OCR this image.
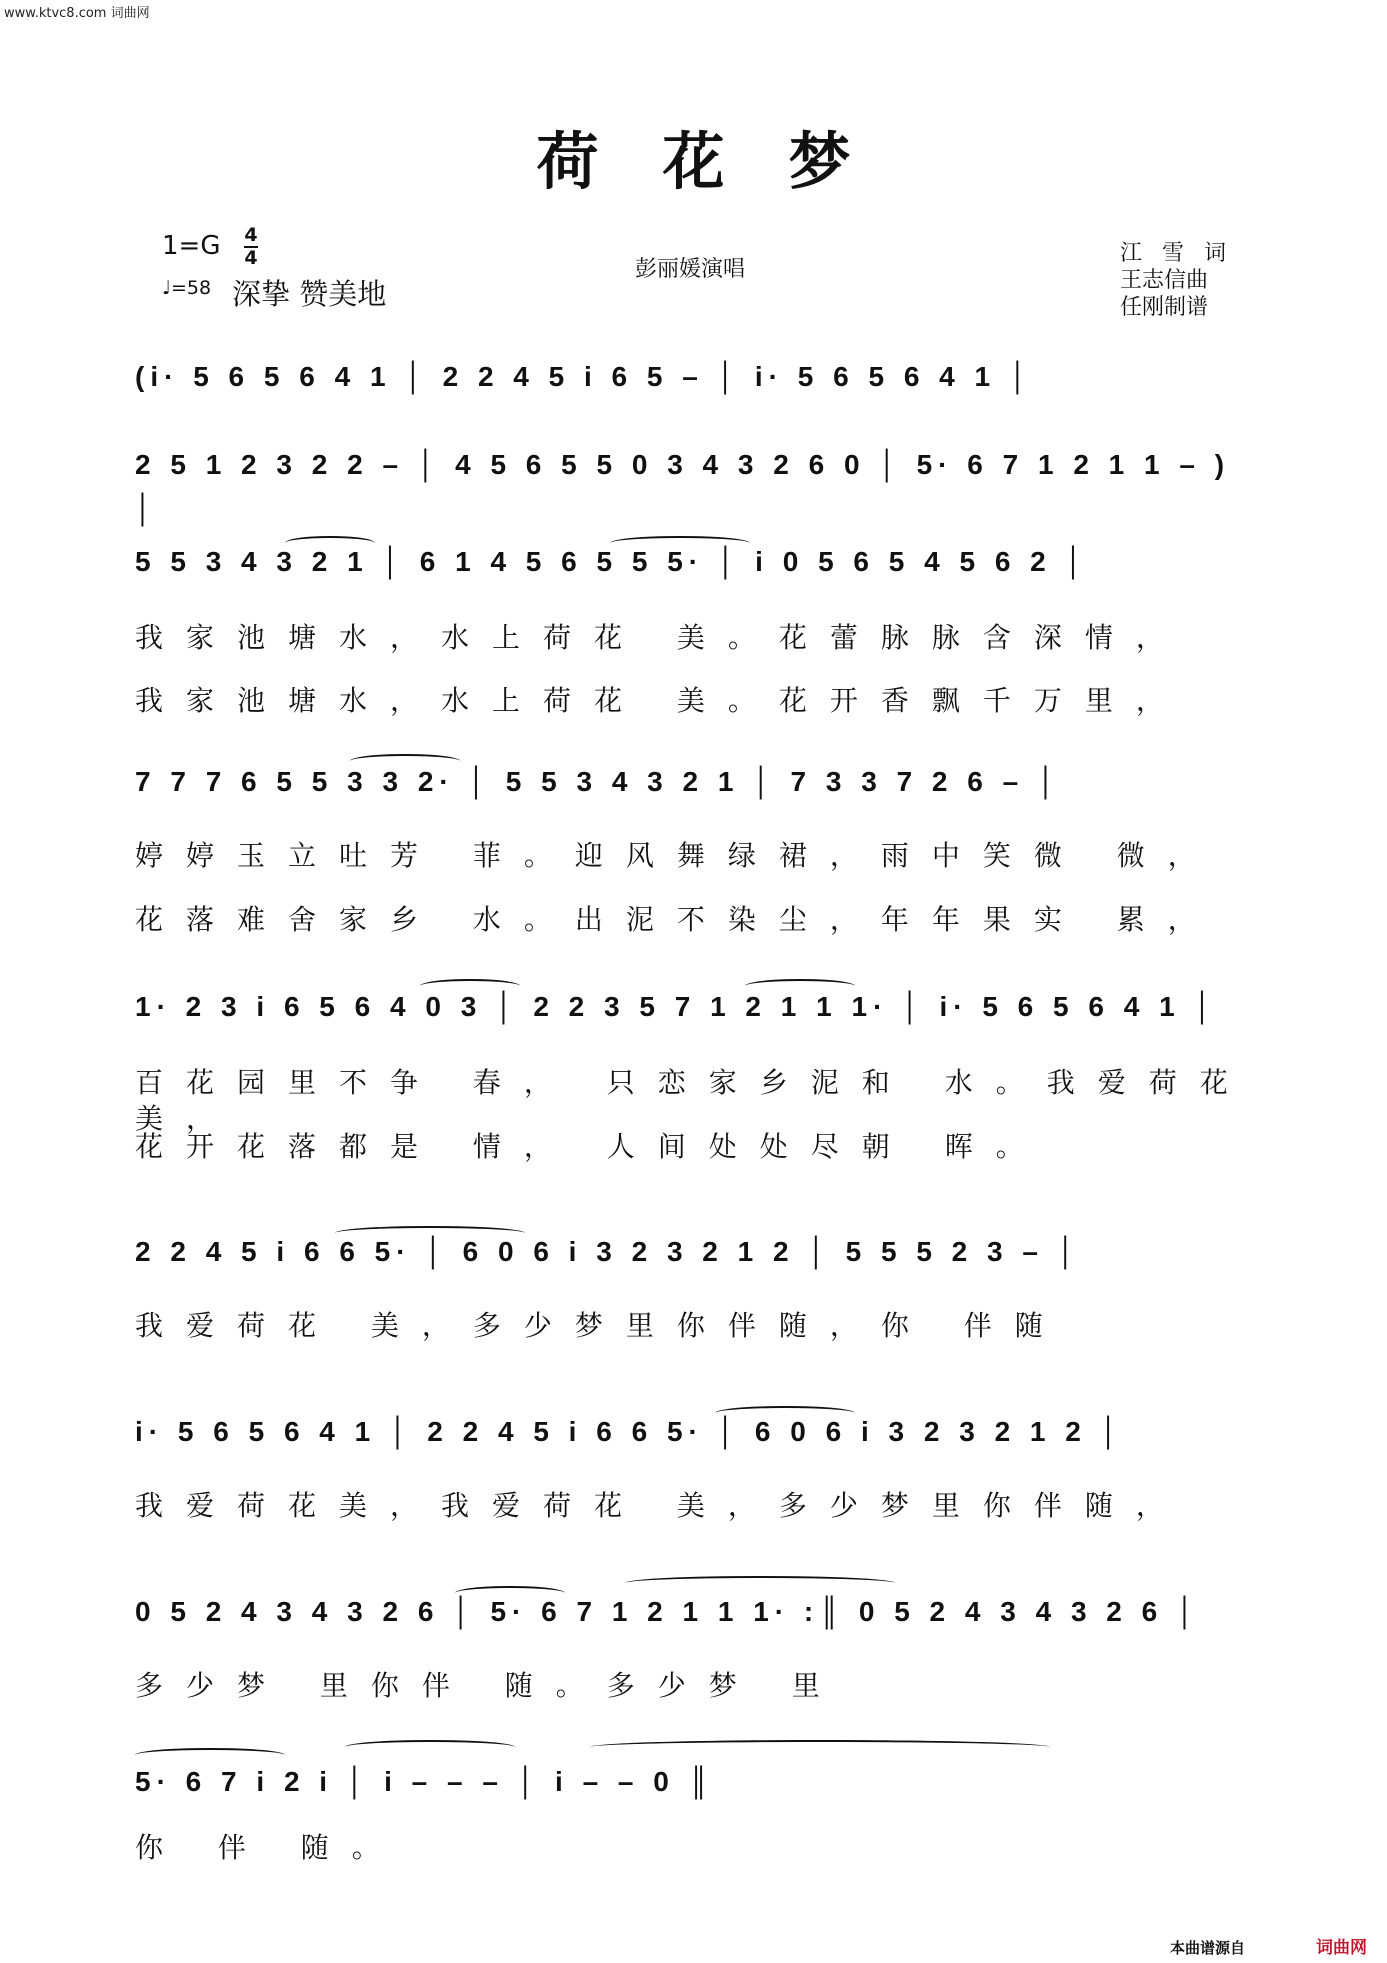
www.ktvc8.com 词曲网
荷花梦
1=G 4
4
♩=58 深挚 赞美地
彭丽媛演唱
江雪词
王志信曲
任刚制谱
(i· 5 6 5 6 4 1 │ 2 2 4 5 i 6 5 – │ i· 5 6 5 6 4 1 │
2 5 1 2 3 2 2 – │ 4 5 6 5 5 0 3 4 3 2 6 0 │ 5· 6 7 1 2 1 1 – ) │
5 5 3 4 3 2 1 │ 6 1 4 5 6 5 5 5· │ i 0 5 6 5 4 5 6 2 │
我家池塘水，水上荷花 美。花蕾脉脉含深情，
我家池塘水，水上荷花 美。花开香飘千万里，
7 7 7 6 5 5 3 3 2· │ 5 5 3 4 3 2 1 │ 7 3 3 7 2 6 – │
婷婷玉立吐芳 菲。迎风舞绿裙，雨中笑微 微，
花落难舍家乡 水。出泥不染尘，年年果实 累，
1· 2 3 i 6 5 6 4 0 3 │ 2 2 3 5 7 1 2 1 1 1· │ i· 5 6 5 6 4 1 │
百花园里不争 春， 只恋家乡泥和 水。我爱荷花美，
花开花落都是 情， 人间处处尽朝 晖。
2 2 4 5 i 6 6 5· │ 6 0 6 i 3 2 3 2 1 2 │ 5 5 5 2 3 – │
我爱荷花 美，多少梦里你伴随，你 伴随
i· 5 6 5 6 4 1 │ 2 2 4 5 i 6 6 5· │ 6 0 6 i 3 2 3 2 1 2 │
我爱荷花美，我爱荷花 美，多少梦里你伴随，
0 5 2 4 3 4 3 2 6 │ 5· 6 7 1 2 1 1 1· :║ 0 5 2 4 3 4 3 2 6 │
多少梦 里你伴 随。多少梦 里
5· 6 7 i 2 i │ i – – – │ i – – 0 ║
你 伴 随。
本曲谱源自	词曲网
